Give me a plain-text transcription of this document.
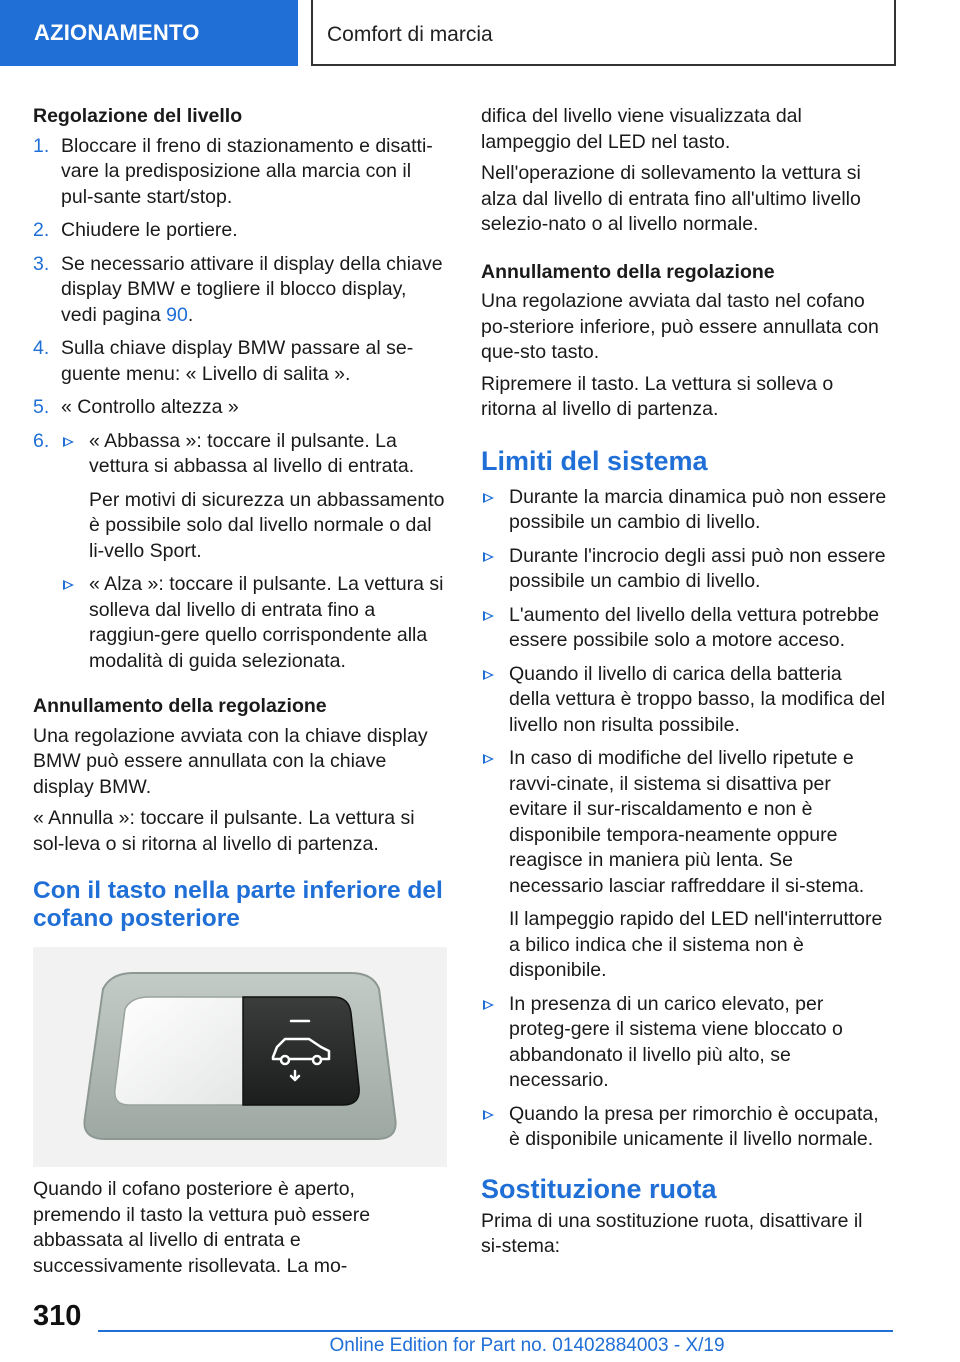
AZIONAMENTO	Comfort di marcia
Regolazione del livello
1. Bloccare il freno di stazionamento e disatti-vare la predisposizione alla marcia con il pul-sante start/stop.
2. Chiudere le portiere.
3. Se necessario attivare il display della chiave display BMW e togliere il blocco display, vedi pagina 90.
4. Sulla chiave display BMW passare al se-guente menu: « Livello di salita ».
5. « Controllo altezza »
6.	« Abbassa »: toccare il pulsante. La vettura si abbassa al livello di entrata.
Per motivi di sicurezza un abbassamento è possibile solo dal livello normale o dal li-vello Sport.
« Alza »: toccare il pulsante. La vettura si solleva dal livello di entrata fino a raggiun-gere quello corrispondente alla modalità di guida selezionata.
Annullamento della regolazione
Una regolazione avviata con la chiave display BMW può essere annullata con la chiave display BMW.
« Annulla »: toccare il pulsante. La vettura si sol-leva o si ritorna al livello di partenza.
Con il tasto nella parte inferiore del cofano posteriore
Quando il cofano posteriore è aperto, premendo il tasto la vettura può essere abbassata al livello di entrata e successivamente risollevata. La mo-
difica del livello viene visualizzata dal lampeggio del LED nel tasto.
Nell'operazione di sollevamento la vettura si alza dal livello di entrata fino all'ultimo livello selezio-nato o al livello normale.
Annullamento della regolazione
Una regolazione avviata dal tasto nel cofano po-steriore inferiore, può essere annullata con que-sto tasto.
Ripremere il tasto. La vettura si solleva o ritorna al livello di partenza.
Limiti del sistema
Durante la marcia dinamica può non essere possibile un cambio di livello.
Durante l'incrocio degli assi può non essere possibile un cambio di livello.
L'aumento del livello della vettura potrebbe essere possibile solo a motore acceso.
Quando il livello di carica della batteria della vettura è troppo basso, la modifica del livello non risulta possibile.
In caso di modifiche del livello ripetute e ravvi-cinate, il sistema si disattiva per evitare il sur-riscaldamento e non è disponibile tempora-neamente oppure reagisce in maniera più lenta. Se necessario lasciar raffreddare il si-stema.
Il lampeggio rapido del LED nell'interruttore a bilico indica che il sistema non è disponibile.
In presenza di un carico elevato, per proteg-gere il sistema viene bloccato o abbandonato il livello più alto, se necessario.
Quando la presa per rimorchio è occupata, è disponibile unicamente il livello normale.
Sostituzione ruota
Prima di una sostituzione ruota, disattivare il si-stema:
310
Online Edition for Part no. 01402884003 - X/19
